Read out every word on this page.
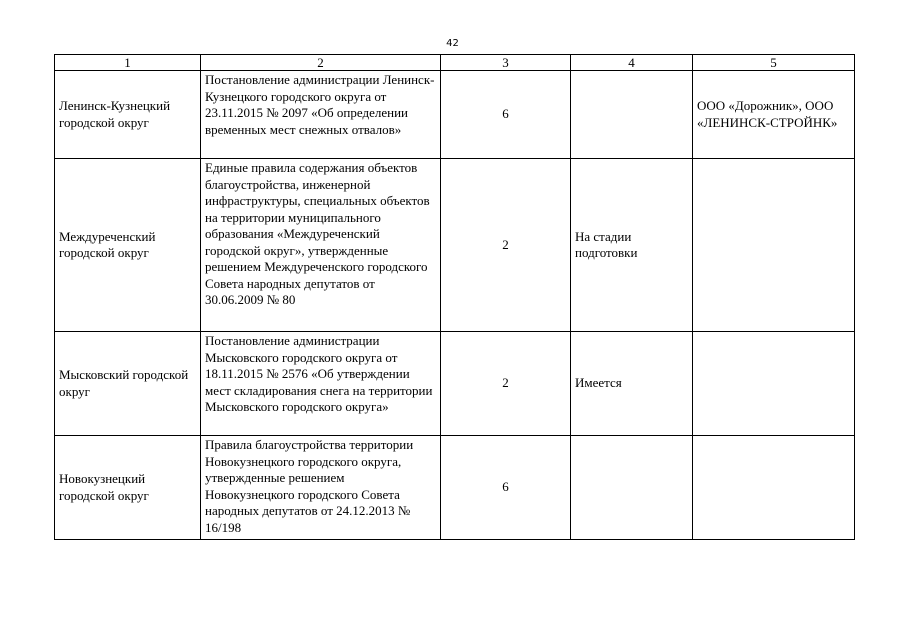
42
1	2	3	4	5
Ленинск-Кузнецкий городской округ	Постановление администрации Ленинск-Кузнецкого городского округа от 23.11.2015 № 2097 «Об определении временных мест снежных отвалов»	6		ООО «Дорожник», ООО «ЛЕНИНСК-СТРОЙНК»
Междуреченский городской округ	Единые правила содержания объектов благоустройства, инженерной инфраструктуры, специальных объектов на территории муниципального образования «Междуреченский городской округ», утвержденные решением Междуреченского городского Совета народных депутатов от 30.06.2009 № 80	2	На стадии подготовки	
Мысковский городской округ	Постановление администрации Мысковского городского округа от 18.11.2015 № 2576 «Об утверждении мест складирования снега на территории Мысковского городского округа»	2	Имеется	
Новокузнецкий городской округ	Правила благоустройства территории Новокузнецкого городского округа, утвержденные решением Новокузнецкого городского Совета народных депутатов от 24.12.2013 № 16/198	6		
